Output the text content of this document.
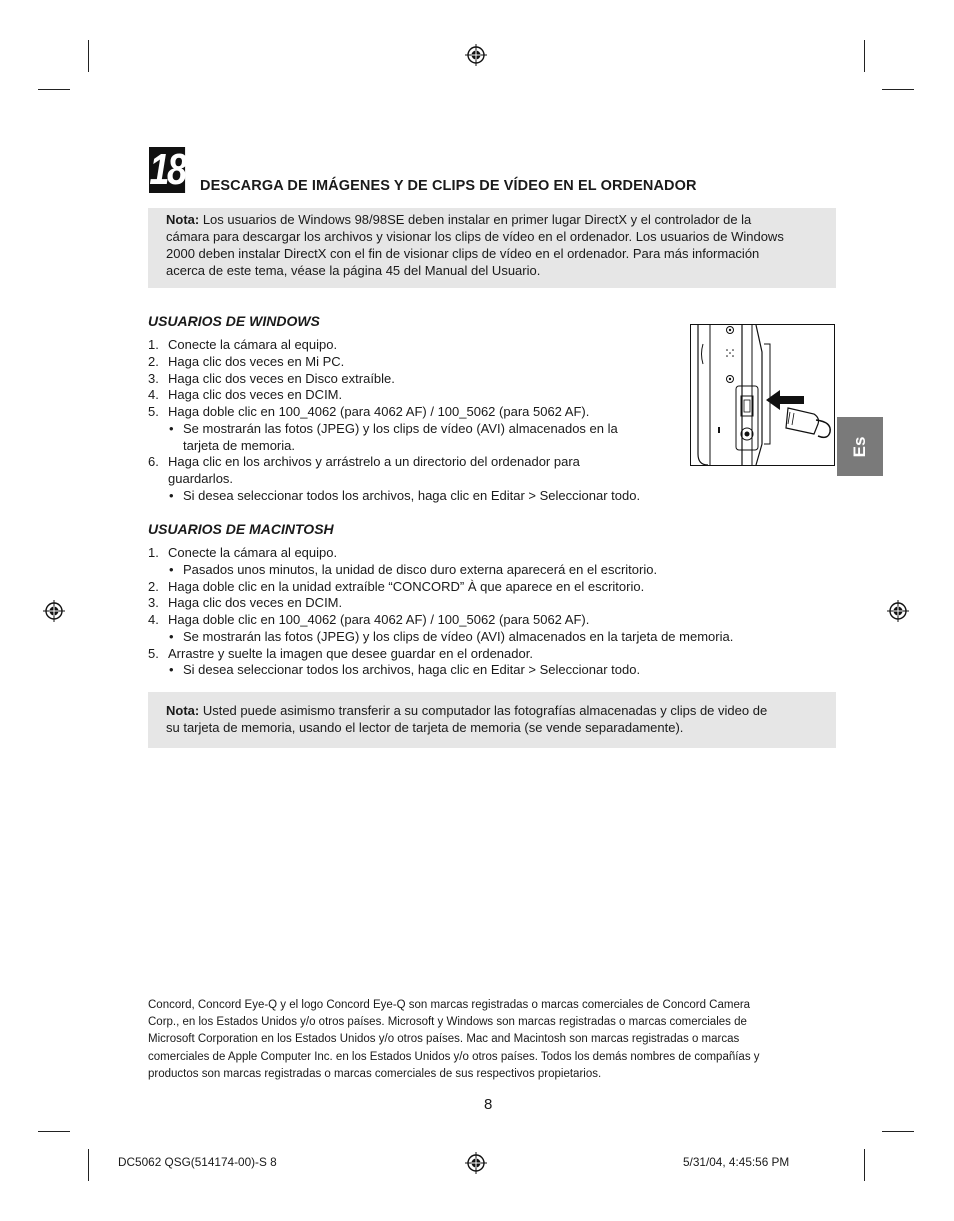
18 DESCARGA DE IMÁGENES Y DE CLIPS DE VÍDEO EN EL ORDENADOR
Nota: Los usuarios de Windows 98/98SE deben instalar en primer lugar DirectX y el controlador de la
cámara para descargar los archivos y visionar los clips de vídeo en el ordenador. Los usuarios de Windows
2000 deben instalar DirectX con el fin de visionar clips de vídeo en el ordenador. Para más información
acerca de este tema, véase la página 45 del Manual del Usuario.
USUARIOS DE WINDOWS
1. Conecte la cámara al equipo.
2. Haga clic dos veces en Mi PC.
3. Haga clic dos veces en Disco extraíble.
4. Haga clic dos veces en DCIM.
5. Haga doble clic en 100_4062 (para 4062 AF) / 100_5062 (para 5062 AF).
• Se mostrarán las fotos (JPEG) y los clips de vídeo (AVI) almacenados en la
tarjeta de memoria.
6. Haga clic en los archivos y arrástrelo a un directorio del ordenador para
guardarlos.
• Si desea seleccionar todos los archivos, haga clic en Editar > Seleccionar todo.
Es
USUARIOS DE MACINTOSH
1. Conecte la cámara al equipo.
• Pasados unos minutos, la unidad de disco duro externa aparecerá en el escritorio.
2. Haga doble clic en la unidad extraíble “CONCORD” À que aparece en el escritorio.
3. Haga clic dos veces en DCIM.
4. Haga doble clic en 100_4062 (para 4062 AF) / 100_5062 (para 5062 AF).
• Se mostrarán las fotos (JPEG) y los clips de vídeo (AVI) almacenados en la tarjeta de memoria.
5. Arrastre y suelte la imagen que desee guardar en el ordenador.
• Si desea seleccionar todos los archivos, haga clic en Editar > Seleccionar todo.
Nota: Usted puede asimismo transferir a su computador las fotografías almacenadas y clips de video de
su tarjeta de memoria, usando el lector de tarjeta de memoria (se vende separadamente).
Concord, Concord Eye-Q y el logo Concord Eye-Q son marcas registradas o marcas comerciales de Concord Camera
Corp., en los Estados Unidos y/o otros países. Microsoft y Windows son marcas registradas o marcas comerciales de
Microsoft Corporation en los Estados Unidos y/o otros países. Mac and Macintosh son marcas registradas o marcas
comerciales de Apple Computer Inc. en los Estados Unidos y/o otros países. Todos los demás nombres de compañías y
productos son marcas registradas o marcas comerciales de sus respectivos propietarios.
8
DC5062 QSG(514174-00)-S 8	5/31/04, 4:45:56 PM
